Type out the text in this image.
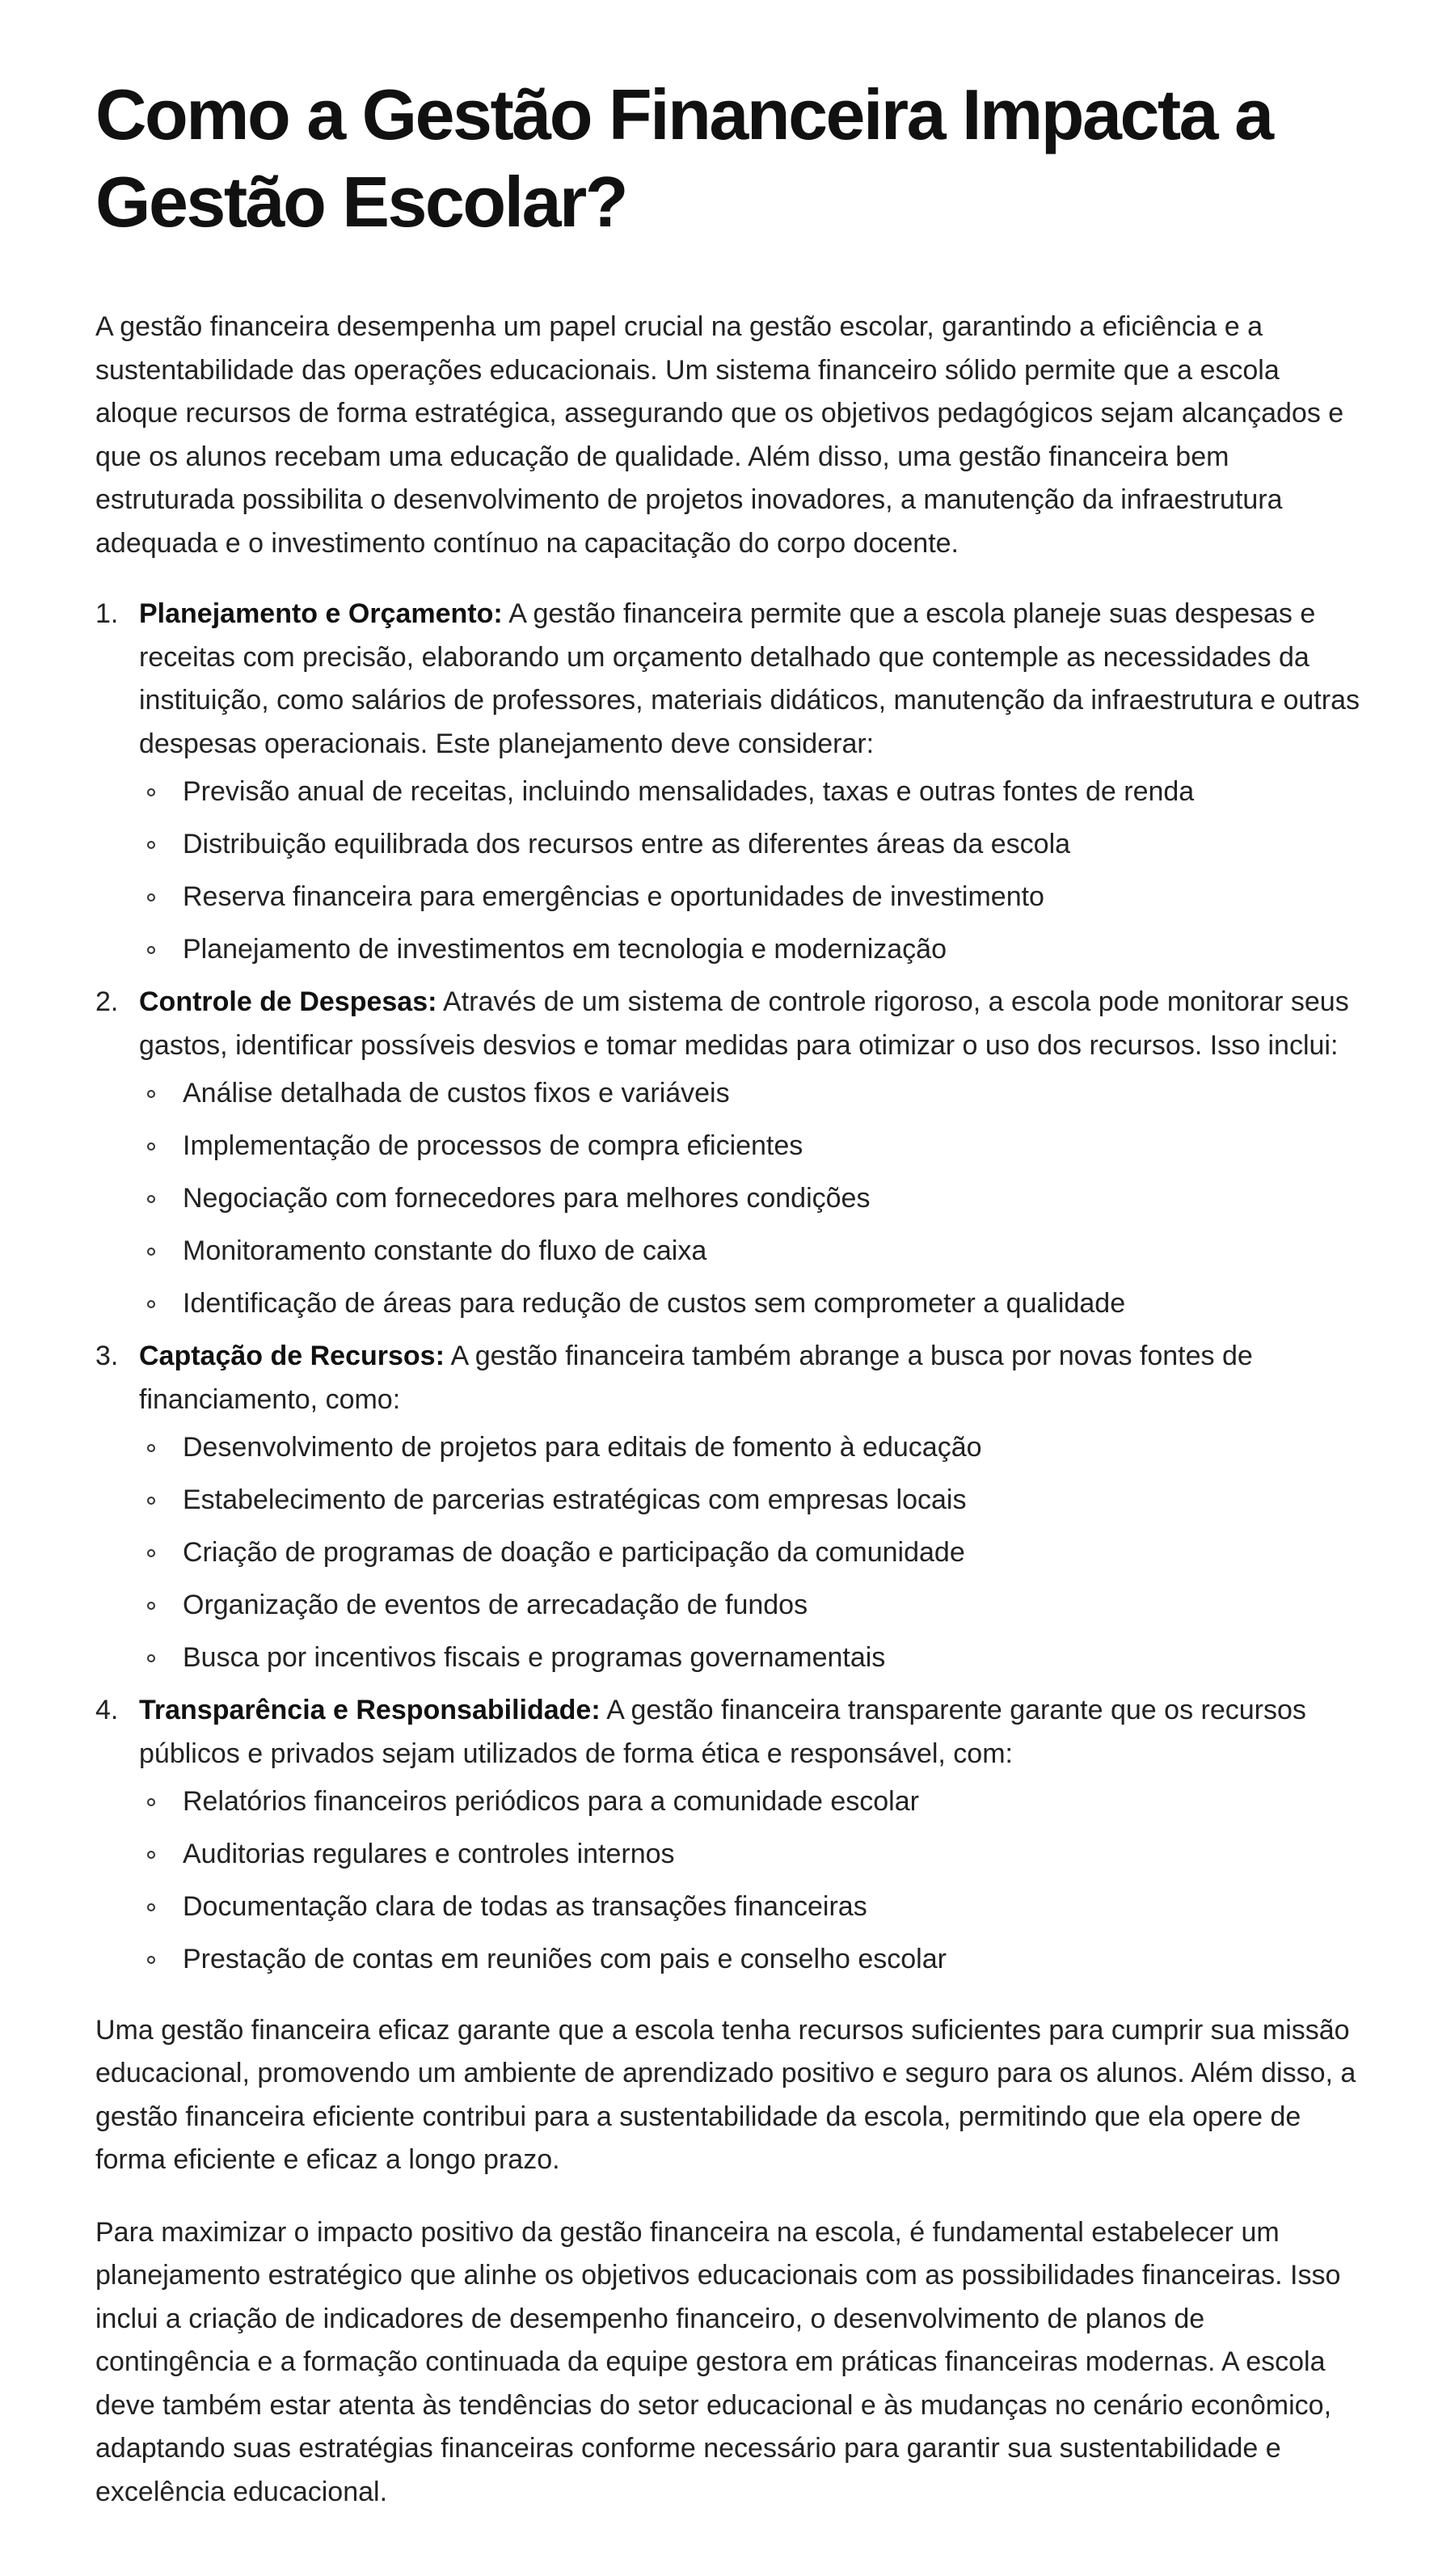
Como a Gestão Financeira Impacta a Gestão Escolar?

A gestão financeira desempenha um papel crucial na gestão escolar, garantindo a eficiência e a sustentabilidade das operações educacionais. Um sistema financeiro sólido permite que a escola aloque recursos de forma estratégica, assegurando que os objetivos pedagógicos sejam alcançados e que os alunos recebam uma educação de qualidade. Além disso, uma gestão financeira bem estruturada possibilita o desenvolvimento de projetos inovadores, a manutenção da infraestrutura adequada e o investimento contínuo na capacitação do corpo docente.

1. Planejamento e Orçamento: A gestão financeira permite que a escola planeje suas despesas e receitas com precisão, elaborando um orçamento detalhado que contemple as necessidades da instituição, como salários de professores, materiais didáticos, manutenção da infraestrutura e outras despesas operacionais. Este planejamento deve considerar:
Previsão anual de receitas, incluindo mensalidades, taxas e outras fontes de renda
Distribuição equilibrada dos recursos entre as diferentes áreas da escola
Reserva financeira para emergências e oportunidades de investimento
Planejamento de investimentos em tecnologia e modernização
2. Controle de Despesas: Através de um sistema de controle rigoroso, a escola pode monitorar seus gastos, identificar possíveis desvios e tomar medidas para otimizar o uso dos recursos. Isso inclui:
Análise detalhada de custos fixos e variáveis
Implementação de processos de compra eficientes
Negociação com fornecedores para melhores condições
Monitoramento constante do fluxo de caixa
Identificação de áreas para redução de custos sem comprometer a qualidade
3. Captação de Recursos: A gestão financeira também abrange a busca por novas fontes de financiamento, como:
Desenvolvimento de projetos para editais de fomento à educação
Estabelecimento de parcerias estratégicas com empresas locais
Criação de programas de doação e participação da comunidade
Organização de eventos de arrecadação de fundos
Busca por incentivos fiscais e programas governamentais
4. Transparência e Responsabilidade: A gestão financeira transparente garante que os recursos públicos e privados sejam utilizados de forma ética e responsável, com:
Relatórios financeiros periódicos para a comunidade escolar
Auditorias regulares e controles internos
Documentação clara de todas as transações financeiras
Prestação de contas em reuniões com pais e conselho escolar

Uma gestão financeira eficaz garante que a escola tenha recursos suficientes para cumprir sua missão educacional, promovendo um ambiente de aprendizado positivo e seguro para os alunos. Além disso, a gestão financeira eficiente contribui para a sustentabilidade da escola, permitindo que ela opere de forma eficiente e eficaz a longo prazo.

Para maximizar o impacto positivo da gestão financeira na escola, é fundamental estabelecer um planejamento estratégico que alinhe os objetivos educacionais com as possibilidades financeiras. Isso inclui a criação de indicadores de desempenho financeiro, o desenvolvimento de planos de contingência e a formação continuada da equipe gestora em práticas financeiras modernas. A escola deve também estar atenta às tendências do setor educacional e às mudanças no cenário econômico, adaptando suas estratégias financeiras conforme necessário para garantir sua sustentabilidade e excelência educacional.
